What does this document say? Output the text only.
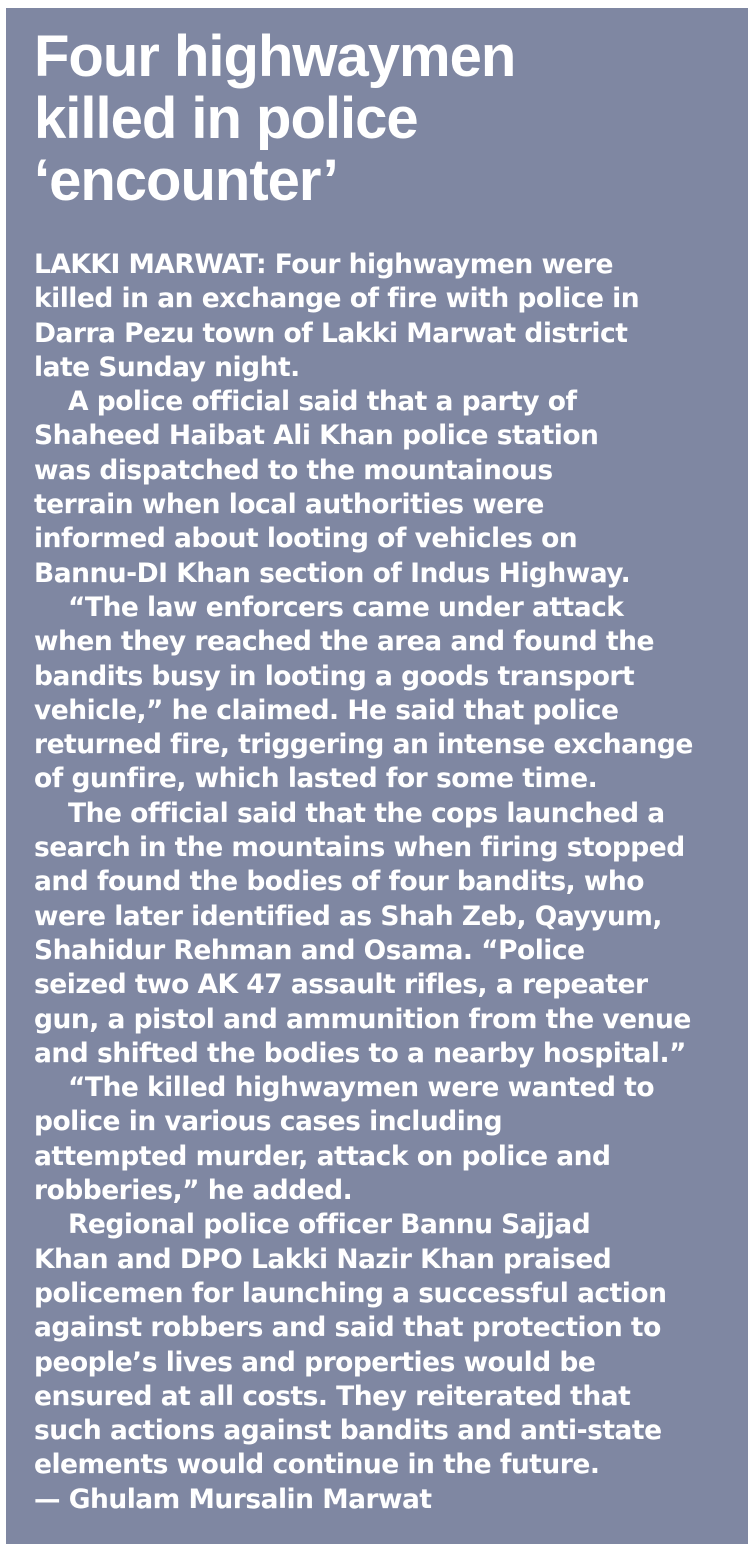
Four highwaymen
killed in police
‘encounter’
LAKKI MARWAT: Four highwaymen were
killed in an exchange of fire with police in
Darra Pezu town of Lakki Marwat district
late Sunday night.
A police official said that a party of
Shaheed Haibat Ali Khan police station
was dispatched to the mountainous
terrain when local authorities were
informed about looting of vehicles on
Bannu-DI Khan section of Indus Highway.
“The law enforcers came under attack
when they reached the area and found the
bandits busy in looting a goods transport
vehicle,” he claimed. He said that police
returned fire, triggering an intense exchange
of gunfire, which lasted for some time.
The official said that the cops launched a
search in the mountains when firing stopped
and found the bodies of four bandits, who
were later identified as Shah Zeb, Qayyum,
Shahidur Rehman and Osama. “Police
seized two AK 47 assault rifles, a repeater
gun, a pistol and ammunition from the venue
and shifted the bodies to a nearby hospital.”
“The killed highwaymen were wanted to
police in various cases including
attempted murder, attack on police and
robberies,” he added.
Regional police officer Bannu Sajjad
Khan and DPO Lakki Nazir Khan praised
policemen for launching a successful action
against robbers and said that protection to
people’s lives and properties would be
ensured at all costs. They reiterated that
such actions against bandits and anti-state
elements would continue in the future.
— Ghulam Mursalin Marwat
